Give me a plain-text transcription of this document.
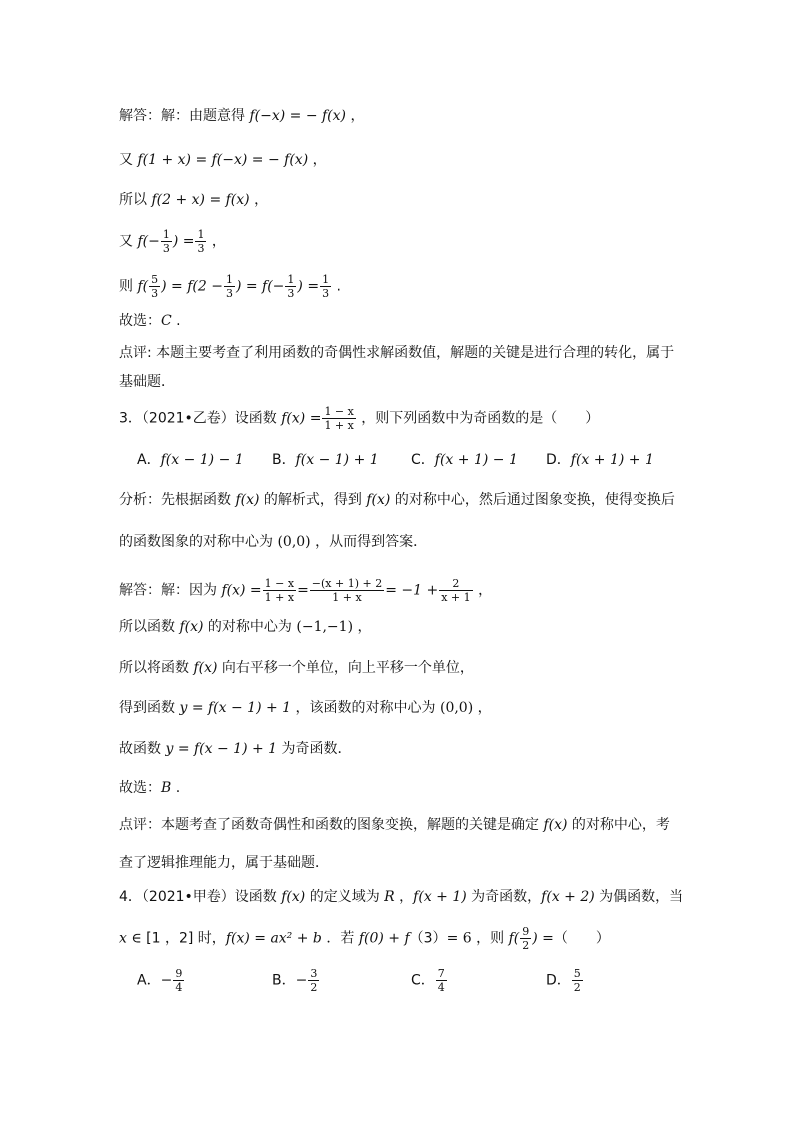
解答：解：由题意得 f(−x) = − f(x) ，
又 f(1 + x) = f(−x) = − f(x) ，
所以 f(2 + x) = f(x) ，
又 $f(- \frac{1}{3}$ ) = $\frac{1}{3}$ ，
则 $f( \frac{5}{3}$ ) = $f(2 - \frac{1}{3}$ ) = $f(- \frac{1}{3}$ ) = $\frac{1}{3}$ .
故选：C .
点评: 本题主要考查了利用函数的奇偶性求解函数值，解题的关键是进行合理的转化，属于
基础题．
3．（2021•乙卷）设函数 $f(x) = \frac{1 - x}{1 + x}$ ，则下列函数中为奇函数的是（　　）
A．f(x − 1) − 1 B．f(x − 1) + 1 C．f(x + 1) − 1 D．f(x + 1) + 1
分析：先根据函数 f(x) 的解析式，得到 f(x) 的对称中心，然后通过图象变换，使得变换后
的函数图象的对称中心为 (0,0) ，从而得到答案．
解答：解：因为 $f(x) = \frac{1 - x}{1 + x} = \frac{-(x + 1) + 2}{1 + x} = -1 + \frac{2}{x + 1}$ ，
所以函数 f(x) 的对称中心为 (−1,−1) ，
所以将函数 f(x) 向右平移一个单位，向上平移一个单位，
得到函数 y = f(x − 1) + 1 ，该函数的对称中心为 (0,0) ，
故函数 y = f(x − 1) + 1 为奇函数．
故选：B .
点评：本题考查了函数奇偶性和函数的图象变换，解题的关键是确定 f(x) 的对称中心，考
查了逻辑推理能力，属于基础题．
4．（2021•甲卷）设函数 f(x) 的定义域为 R ，f(x + 1) 为奇函数，f(x + 2) 为偶函数，当
x ∈ [1 ，2] 时，f(x) = ax² + b ．若 f(0) + f（3）= 6 ，则 $f( \frac{9}{2}$ ) =（　　）
A．− $\frac{9}{4}$	B．− $\frac{3}{2}$	C． $\frac{7}{4}$	D． $\frac{5}{2}$
